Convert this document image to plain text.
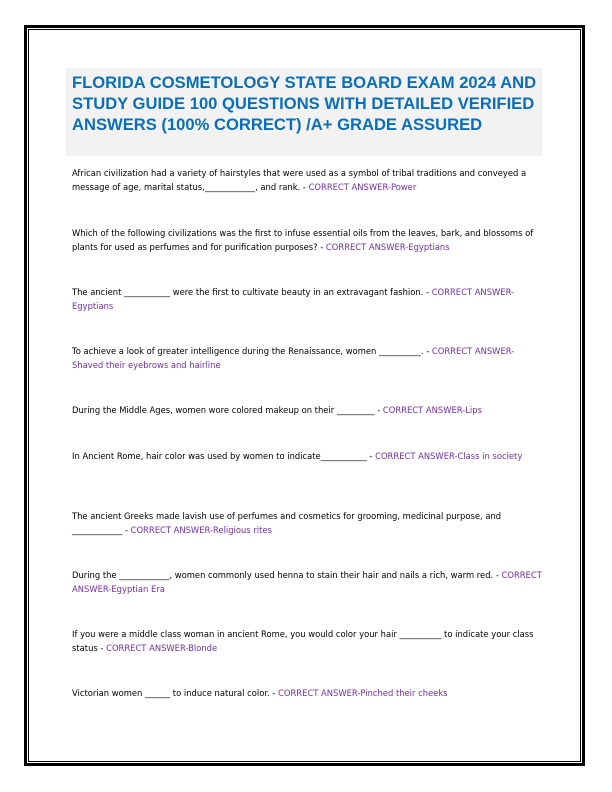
FLORIDA COSMETOLOGY STATE BOARD EXAM 2024 AND STUDY GUIDE 100 QUESTIONS WITH DETAILED VERIFIED ANSWERS (100% CORRECT) /A+ GRADE ASSURED

African civilization had a variety of hairstyles that were used as a symbol of tribal traditions and conveyed a message of age, marital status,____________, and rank. - CORRECT ANSWER-Power

Which of the following civilizations was the first to infuse essential oils from the leaves, bark, and blossoms of plants for used as perfumes and for purification purposes? - CORRECT ANSWER-Egyptians

The ancient ___________ were the first to cultivate beauty in an extravagant fashion. - CORRECT ANSWER-Egyptians

To achieve a look of greater intelligence during the Renaissance, women __________. - CORRECT ANSWER-Shaved their eyebrows and hairline

During the Middle Ages, women wore colored makeup on their _________ - CORRECT ANSWER-Lips

In Ancient Rome, hair color was used by women to indicate___________ - CORRECT ANSWER-Class in society

The ancient Greeks made lavish use of perfumes and cosmetics for grooming, medicinal purpose, and ____________ - CORRECT ANSWER-Religious rites

During the ____________, women commonly used henna to stain their hair and nails a rich, warm red. - CORRECT ANSWER-Egyptian Era

If you were a middle class woman in ancient Rome, you would color your hair __________ to indicate your class status - CORRECT ANSWER-Blonde

Victorian women ______ to induce natural color. - CORRECT ANSWER-Pinched their cheeks
